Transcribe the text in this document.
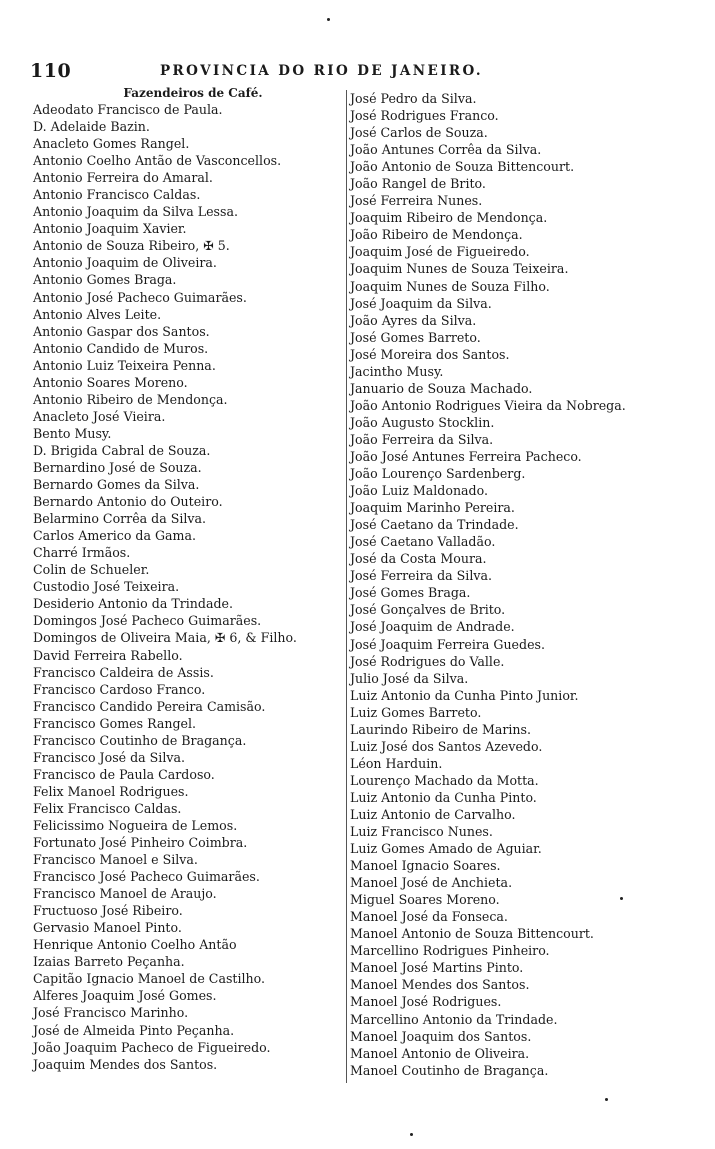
110	PROVINCIA DO RIO DE JANEIRO.
Fazendeiros de Café.
Adeodato Francisco de Paula.
D. Adelaide Bazin.
Anacleto Gomes Rangel.
Antonio Coelho Antão de Vasconcellos.
Antonio Ferreira do Amaral.
Antonio Francisco Caldas.
Antonio Joaquim da Silva Lessa.
Antonio Joaquim Xavier.
Antonio de Souza Ribeiro, ✠ 5.
Antonio Joaquim de Oliveira.
Antonio Gomes Braga.
Antonio José Pacheco Guimarães.
Antonio Alves Leite.
Antonio Gaspar dos Santos.
Antonio Candido de Muros.
Antonio Luiz Teixeira Penna.
Antonio Soares Moreno.
Antonio Ribeiro de Mendonça.
Anacleto José Vieira.
Bento Musy.
D. Brigida Cabral de Souza.
Bernardino José de Souza.
Bernardo Gomes da Silva.
Bernardo Antonio do Outeiro.
Belarmino Corrêa da Silva.
Carlos Americo da Gama.
Charré Irmãos.
Colin de Schueler.
Custodio José Teixeira.
Desiderio Antonio da Trindade.
Domingos José Pacheco Guimarães.
Domingos de Oliveira Maia, ✠ 6, & Filho.
David Ferreira Rabello.
Francisco Caldeira de Assis.
Francisco Cardoso Franco.
Francisco Candido Pereira Camisão.
Francisco Gomes Rangel.
Francisco Coutinho de Bragança.
Francisco José da Silva.
Francisco de Paula Cardoso.
Felix Manoel Rodrigues.
Felix Francisco Caldas.
Felicissimo Nogueira de Lemos.
Fortunato José Pinheiro Coimbra.
Francisco Manoel e Silva.
Francisco José Pacheco Guimarães.
Francisco Manoel de Araujo.
Fructuoso José Ribeiro.
Gervasio Manoel Pinto.
Henrique Antonio Coelho Antão
Izaias Barreto Peçanha.
Capitão Ignacio Manoel de Castilho.
Alferes Joaquim José Gomes.
José Francisco Marinho.
José de Almeida Pinto Peçanha.
João Joaquim Pacheco de Figueiredo.
Joaquim Mendes dos Santos.
José Pedro da Silva.
José Rodrigues Franco.
José Carlos de Souza.
João Antunes Corrêa da Silva.
João Antonio de Souza Bittencourt.
João Rangel de Brito.
José Ferreira Nunes.
Joaquim Ribeiro de Mendonça.
João Ribeiro de Mendonça.
Joaquim José de Figueiredo.
Joaquim Nunes de Souza Teixeira.
Joaquim Nunes de Souza Filho.
José Joaquim da Silva.
João Ayres da Silva.
José Gomes Barreto.
José Moreira dos Santos.
Jacintho Musy.
Januario de Souza Machado.
João Antonio Rodrigues Vieira da Nobrega.
João Augusto Stocklin.
João Ferreira da Silva.
João José Antunes Ferreira Pacheco.
João Lourenço Sardenberg.
João Luiz Maldonado.
Joaquim Marinho Pereira.
José Caetano da Trindade.
José Caetano Valladão.
José da Costa Moura.
José Ferreira da Silva.
José Gomes Braga.
José Gonçalves de Brito.
José Joaquim de Andrade.
José Joaquim Ferreira Guedes.
José Rodrigues do Valle.
Julio José da Silva.
Luiz Antonio da Cunha Pinto Junior.
Luiz Gomes Barreto.
Laurindo Ribeiro de Marins.
Luiz José dos Santos Azevedo.
Léon Harduin.
Lourenço Machado da Motta.
Luiz Antonio da Cunha Pinto.
Luiz Antonio de Carvalho.
Luiz Francisco Nunes.
Luiz Gomes Amado de Aguiar.
Manoel Ignacio Soares.
Manoel José de Anchieta.
Miguel Soares Moreno.
Manoel José da Fonseca.
Manoel Antonio de Souza Bittencourt.
Marcellino Rodrigues Pinheiro.
Manoel José Martins Pinto.
Manoel Mendes dos Santos.
Manoel José Rodrigues.
Marcellino Antonio da Trindade.
Manoel Joaquim dos Santos.
Manoel Antonio de Oliveira.
Manoel Coutinho de Bragança.
